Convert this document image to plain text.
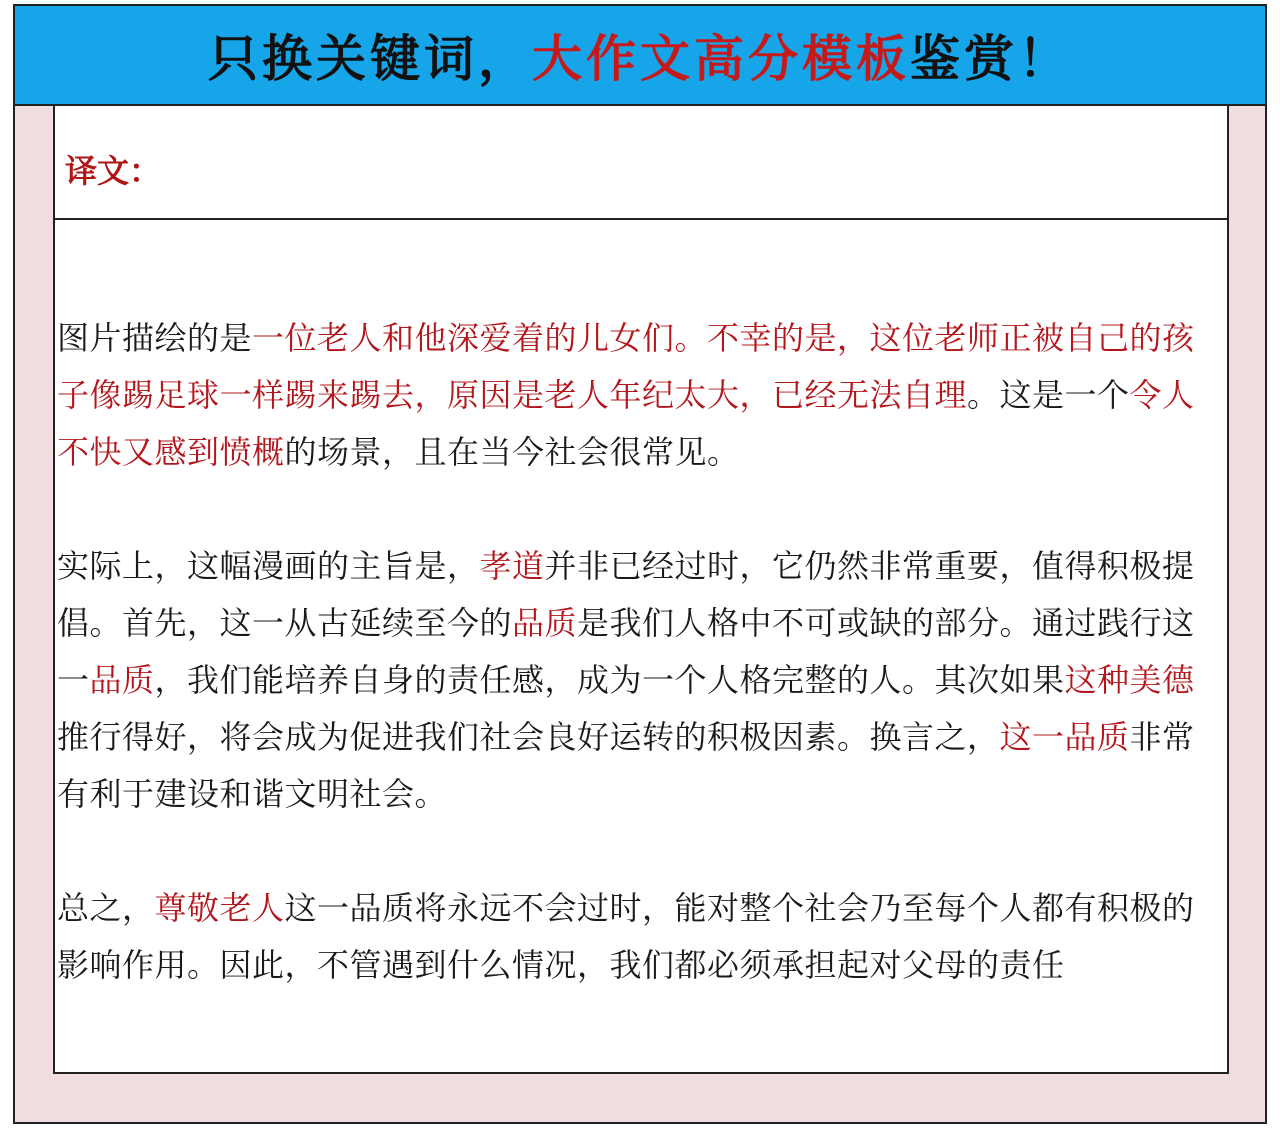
只换关键词， 大作文高分模板 鉴赏！
译文：

图片描绘的是一位老人和他深爱着的儿女们。不幸的是，这位老师正被自己的孩子像踢足球一样踢来踢去，原因是老人年纪太大，已经无法自理。这是一个令人不快又感到愤概的场景，且在当今社会很常见。

实际上，这幅漫画的主旨是，孝道并非已经过时，它仍然非常重要，值得积极提倡。首先，这一从古延续至今的品质是我们人格中不可或缺的部分。通过践行这一品质，我们能培养自身的责任感，成为一个人格完整的人。其次如果这种美德推行得好，将会成为促进我们社会良好运转的积极因素。换言之，这一品质非常有利于建设和谐文明社会。

总之，尊敬老人这一品质将永远不会过时，能对整个社会乃至每个人都有积极的影响作用。因此，不管遇到什么情况，我们都必须承担起对父母的责任
